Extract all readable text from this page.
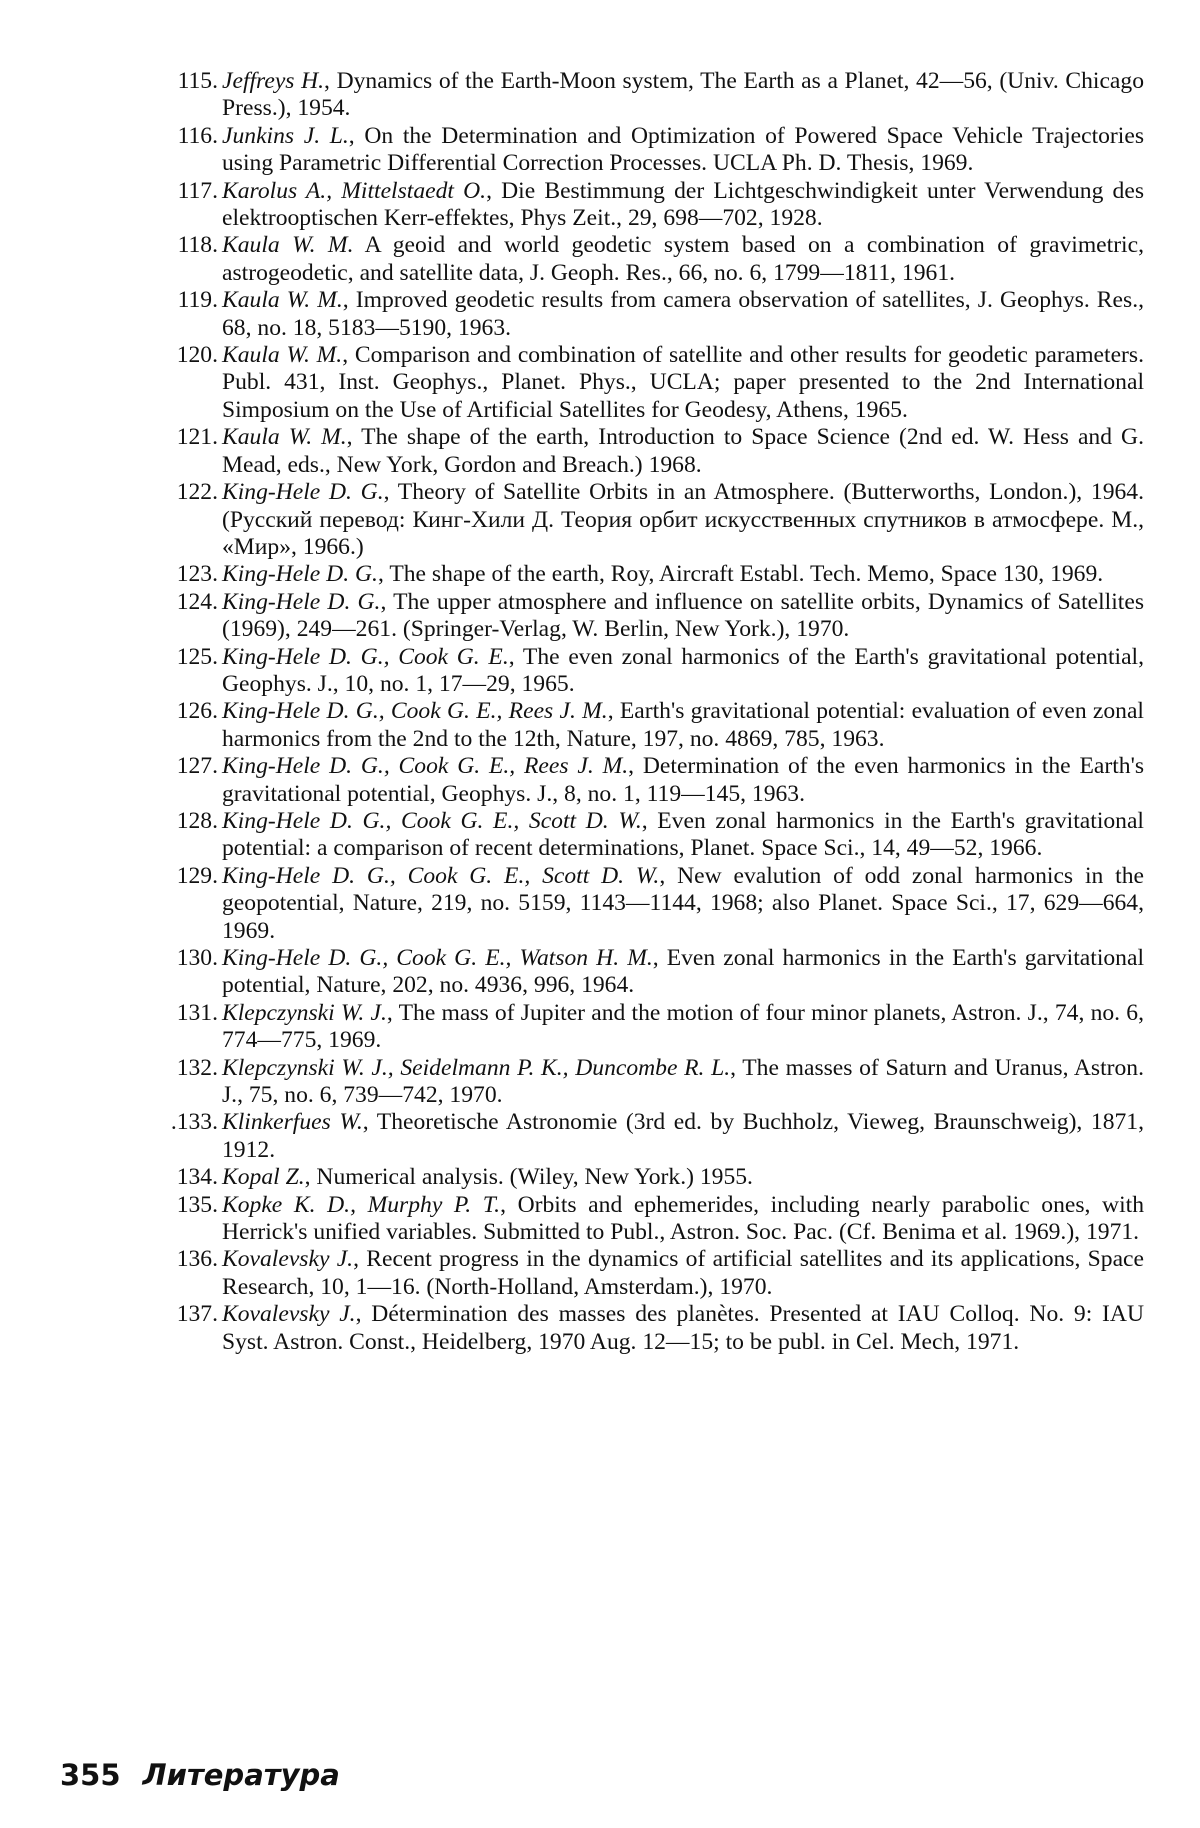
115. Jeffreys H., Dynamics of the Earth-Moon system, The Earth as a Planet, 42—56, (Univ. Chicago Press.), 1954.
116. Junkins J. L., On the Determination and Optimization of Powered Space Vehicle Trajectories using Parametric Differential Correction Processes. UCLA Ph. D. Thesis, 1969.
117. Karolus A., Mittelstaedt O., Die Bestimmung der Lichtgeschwindigkeit unter Verwendung des elektrooptischen Kerr-effektes, Phys Zeit., 29, 698—702, 1928.
118. Kaula W. M. A geoid and world geodetic system based on a combination of gravimetric, astrogeodetic, and satellite data, J. Geoph. Res., 66, no. 6, 1799—1811, 1961.
119. Kaula W. M., Improved geodetic results from camera observation of satellites, J. Geophys. Res., 68, no. 18, 5183—5190, 1963.
120. Kaula W. M., Comparison and combination of satellite and other results for geodetic parameters. Publ. 431, Inst. Geophys., Planet. Phys., UCLA; paper presented to the 2nd International Simposium on the Use of Artificial Satellites for Geodesy, Athens, 1965.
121. Kaula W. M., The shape of the earth, Introduction to Space Science (2nd ed. W. Hess and G. Mead, eds., New York, Gordon and Breach.) 1968.
122. King-Hele D. G., Theory of Satellite Orbits in an Atmosphere. (Butterworths, London.), 1964. (Русский перевод: Кинг-Хили Д. Теория орбит искусственных спутников в атмосфере. М., «Мир», 1966.)
123. King-Hele D. G., The shape of the earth, Roy, Aircraft Establ. Tech. Memo, Space 130, 1969.
124. King-Hele D. G., The upper atmosphere and influence on satellite orbits, Dynamics of Satellites (1969), 249—261. (Springer-Verlag, W. Berlin, New York.), 1970.
125. King-Hele D. G., Cook G. E., The even zonal harmonics of the Earth's gravitational potential, Geophys. J., 10, no. 1, 17—29, 1965.
126. King-Hele D. G., Cook G. E., Rees J. M., Earth's gravitational potential: evaluation of even zonal harmonics from the 2nd to the 12th, Nature, 197, no. 4869, 785, 1963.
127. King-Hele D. G., Cook G. E., Rees J. M., Determination of the even harmonics in the Earth's gravitational potential, Geophys. J., 8, no. 1, 119—145, 1963.
128. King-Hele D. G., Cook G. E., Scott D. W., Even zonal harmonics in the Earth's gravitational potential: a comparison of recent determinations, Planet. Space Sci., 14, 49—52, 1966.
129. King-Hele D. G., Cook G. E., Scott D. W., New evalution of odd zonal harmonics in the geopotential, Nature, 219, no. 5159, 1143—1144, 1968; also Planet. Space Sci., 17, 629—664, 1969.
130. King-Hele D. G., Cook G. E., Watson H. M., Even zonal harmonics in the Earth's garvitational potential, Nature, 202, no. 4936, 996, 1964.
131. Klepczynski W. J., The mass of Jupiter and the motion of four minor planets, Astron. J., 74, no. 6, 774—775, 1969.
132. Klepczynski W. J., Seidelmann P. K., Duncombe R. L., The masses of Saturn and Uranus, Astron. J., 75, no. 6, 739—742, 1970.
.133. Klinkerfues W., Theoretische Astronomie (3rd ed. by Buchholz, Vieweg, Braunschweig), 1871, 1912.
134. Kopal Z., Numerical analysis. (Wiley, New York.) 1955.
135. Kopke K. D., Murphy P. T., Orbits and ephemerides, including nearly parabolic ones, with Herrick's unified variables. Submitted to Publ., Astron. Soc. Pac. (Cf. Benima et al. 1969.), 1971.
136. Kovalevsky J., Recent progress in the dynamics of artificial satellites and its applications, Space Research, 10, 1—16. (North-Holland, Amsterdam.), 1970.
137. Kovalevsky J., Détermination des masses des planètes. Presented at IAU Colloq. No. 9: IAU Syst. Astron. Const., Heidelberg, 1970 Aug. 12—15; to be publ. in Cel. Mech, 1971.
355 Литература
